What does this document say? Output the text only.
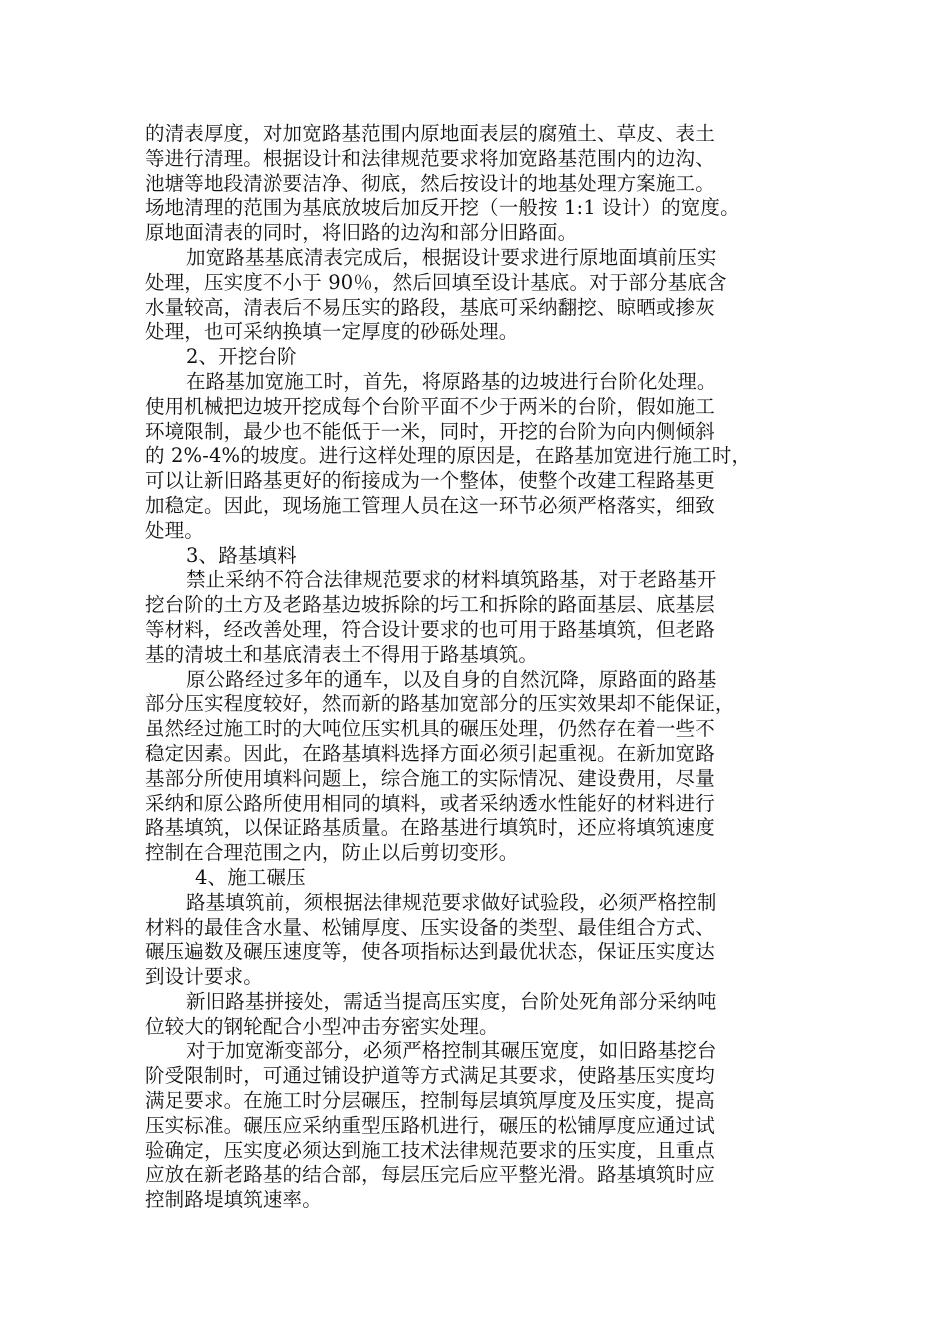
的清表厚度，对加宽路基范围内原地面表层的腐殖土、草皮、表土
等进行清理。根据设计和法律规范要求将加宽路基范围内的边沟、
池塘等地段清淤要洁净、彻底，然后按设计的地基处理方案施工。
场地清理的范围为基底放坡后加反开挖（一般按 1:1 设计）的宽度。
原地面清表的同时，将旧路的边沟和部分旧路面。
加宽路基基底清表完成后，根据设计要求进行原地面填前压实
处理，压实度不小于 90％，然后回填至设计基底。对于部分基底含
水量较高，清表后不易压实的路段，基底可采纳翻挖、晾晒或掺灰
处理，也可采纳换填一定厚度的砂砾处理。
2、开挖台阶
在路基加宽施工时，首先，将原路基的边坡进行台阶化处理。
使用机械把边坡开挖成每个台阶平面不少于两米的台阶，假如施工
环境限制，最少也不能低于一米，同时，开挖的台阶为向内侧倾斜
的 2%-4%的坡度。进行这样处理的原因是，在路基加宽进行施工时，
可以让新旧路基更好的衔接成为一个整体，使整个改建工程路基更
加稳定。因此，现场施工管理人员在这一环节必须严格落实，细致
处理。
3、路基填料
禁止采纳不符合法律规范要求的材料填筑路基，对于老路基开
挖台阶的土方及老路基边坡拆除的圬工和拆除的路面基层、底基层
等材料，经改善处理，符合设计要求的也可用于路基填筑，但老路
基的清坡土和基底清表土不得用于路基填筑。
原公路经过多年的通车，以及自身的自然沉降，原路面的路基
部分压实程度较好，然而新的路基加宽部分的压实效果却不能保证，
虽然经过施工时的大吨位压实机具的碾压处理，仍然存在着一些不
稳定因素。因此，在路基填料选择方面必须引起重视。在新加宽路
基部分所使用填料问题上，综合施工的实际情况、建设费用，尽量
采纳和原公路所使用相同的填料，或者采纳透水性能好的材料进行
路基填筑，以保证路基质量。在路基进行填筑时，还应将填筑速度
控制在合理范围之内，防止以后剪切变形。
4、施工碾压
路基填筑前，须根据法律规范要求做好试验段，必须严格控制
材料的最佳含水量、松铺厚度、压实设备的类型、最佳组合方式、
碾压遍数及碾压速度等，使各项指标达到最优状态，保证压实度达
到设计要求。
新旧路基拼接处，需适当提高压实度，台阶处死角部分采纳吨
位较大的钢轮配合小型冲击夯密实处理。
对于加宽渐变部分，必须严格控制其碾压宽度，如旧路基挖台
阶受限制时，可通过铺设护道等方式满足其要求，使路基压实度均
满足要求。在施工时分层碾压，控制每层填筑厚度及压实度，提高
压实标准。碾压应采纳重型压路机进行，碾压的松铺厚度应通过试
验确定，压实度必须达到施工技术法律规范要求的压实度，且重点
应放在新老路基的结合部，每层压完后应平整光滑。路基填筑时应
控制路堤填筑速率。
